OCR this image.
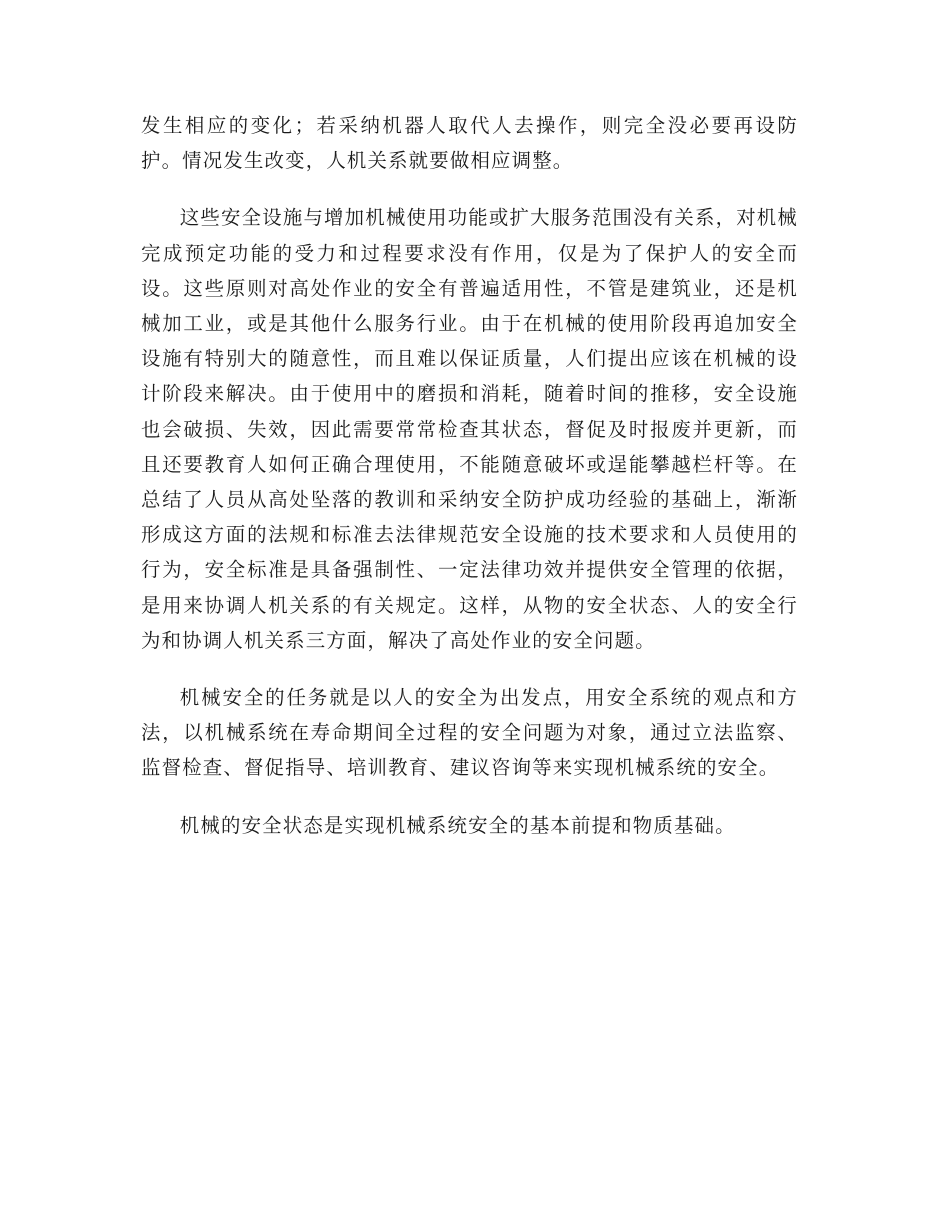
发生相应的变化；若采纳机器人取代人去操作，则完全没必要再设防护。情况发生改变，人机关系就要做相应调整。

这些安全设施与增加机械使用功能或扩大服务范围没有关系，对机械完成预定功能的受力和过程要求没有作用，仅是为了保护人的安全而设。这些原则对高处作业的安全有普遍适用性，不管是建筑业，还是机械加工业，或是其他什么服务行业。由于在机械的使用阶段再追加安全设施有特别大的随意性，而且难以保证质量，人们提出应该在机械的设计阶段来解决。由于使用中的磨损和消耗，随着时间的推移，安全设施也会破损、失效，因此需要常常检查其状态，督促及时报废并更新，而且还要教育人如何正确合理使用，不能随意破坏或逞能攀越栏杆等。在总结了人员从高处坠落的教训和采纳安全防护成功经验的基础上，渐渐形成这方面的法规和标准去法律规范安全设施的技术要求和人员使用的行为，安全标准是具备强制性、一定法律功效并提供安全管理的依据，是用来协调人机关系的有关规定。这样，从物的安全状态、人的安全行为和协调人机关系三方面，解决了高处作业的安全问题。

机械安全的任务就是以人的安全为出发点，用安全系统的观点和方法，以机械系统在寿命期间全过程的安全问题为对象，通过立法监察、监督检查、督促指导、培训教育、建议咨询等来实现机械系统的安全。

机械的安全状态是实现机械系统安全的基本前提和物质基础。
